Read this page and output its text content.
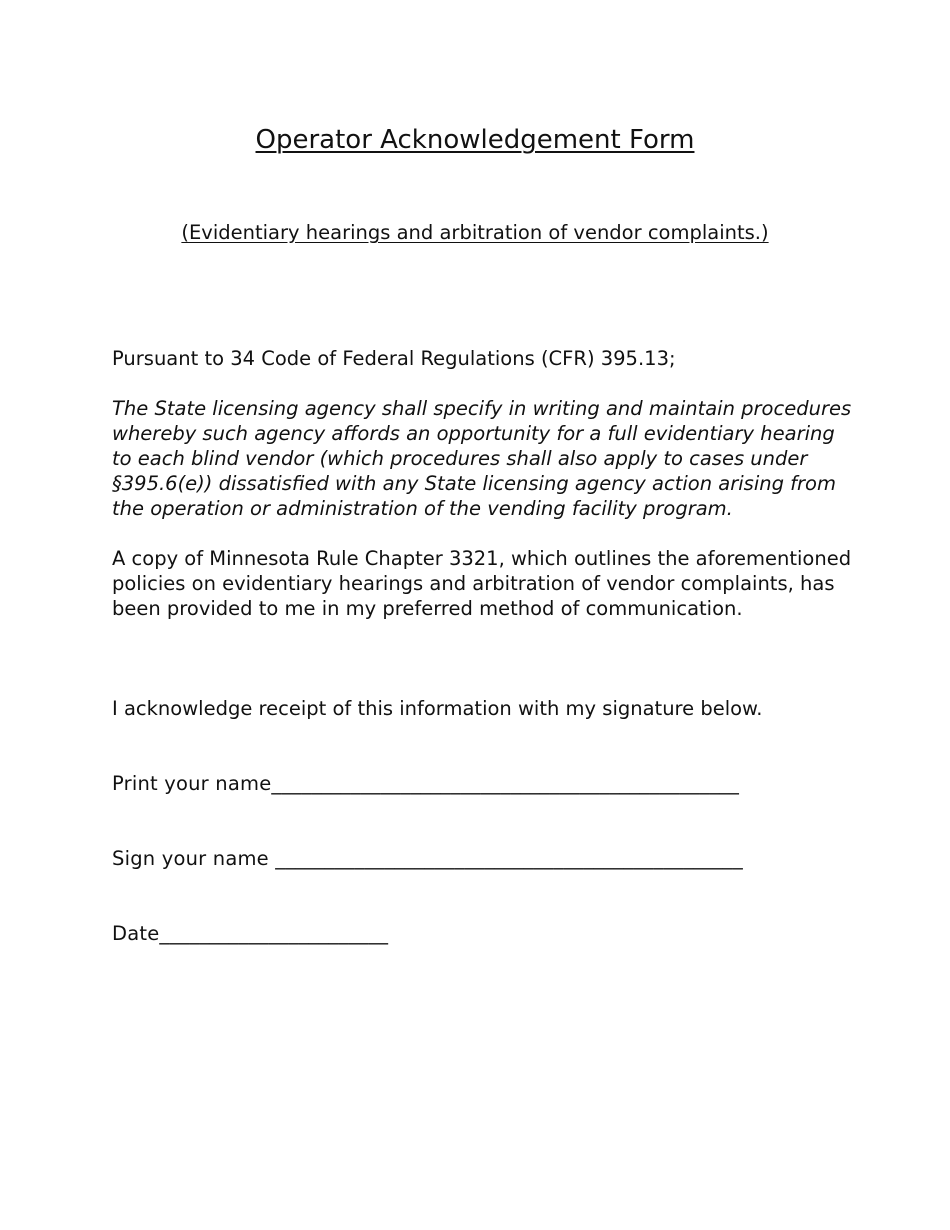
Operator Acknowledgement Form
(Evidentiary hearings and arbitration of vendor complaints.)

Pursuant to 34 Code of Federal Regulations (CFR) 395.13;

The State licensing agency shall specify in writing and maintain procedures whereby such agency affords an opportunity for a full evidentiary hearing to each blind vendor (which procedures shall also apply to cases under §395.6(e)) dissatisfied with any State licensing agency action arising from the operation or administration of the vending facility program.

A copy of Minnesota Rule Chapter 3321, which outlines the aforementioned policies on evidentiary hearings and arbitration of vendor complaints, has been provided to me in my preferred method of communication.

I acknowledge receipt of this information with my signature below.

Print your name_______________________________________________
Sign your name _______________________________________________
Date_______________________
